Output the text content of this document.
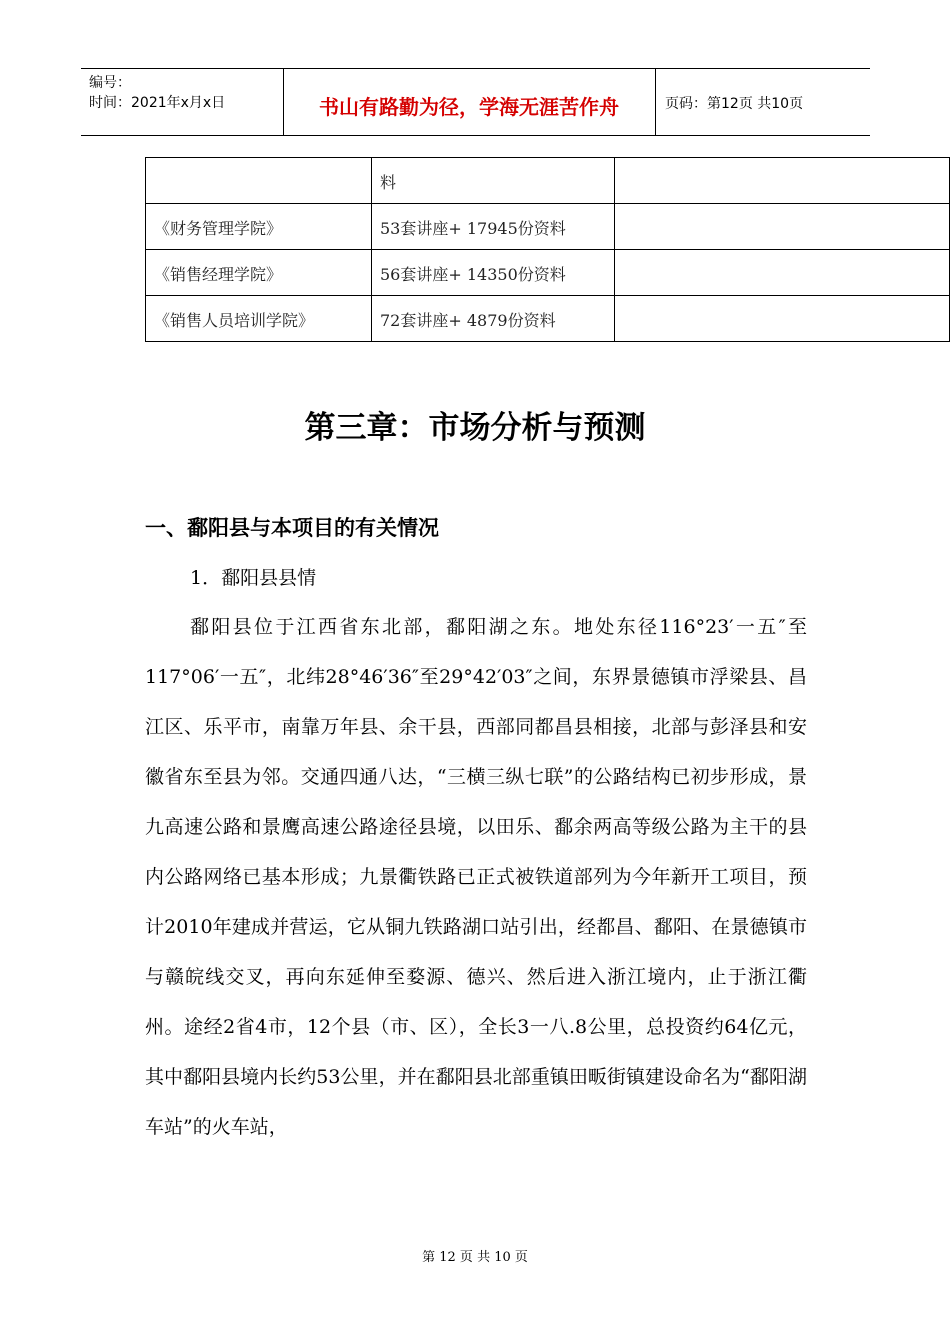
编号：
时间：2021年x月x日	书山有路勤为径，学海无涯苦作舟	页码：第12页 共10页
	料	
《财务管理学院》	53套讲座+ 17945份资料	
《销售经理学院》	56套讲座+ 14350份资料	
《销售人员培训学院》	72套讲座+ 4879份资料	
第三章：市场分析与预测
一、鄱阳县与本项目的有关情况
1．鄱阳县县情
鄱阳县位于江西省东北部，鄱阳湖之东。地处东径116°23′一五″至117°06′一五″，北纬28°46′36″至29°42′03″之间，东界景德镇市浮梁县、昌江区、乐平市，南靠万年县、余干县，西部同都昌县相接，北部与彭泽县和安徽省东至县为邻。交通四通八达，“三横三纵七联”的公路结构已初步形成，景九高速公路和景鹰高速公路途径县境，以田乐、鄱余两高等级公路为主干的县内公路网络已基本形成；九景衢铁路已正式被铁道部列为今年新开工项目，预计2010年建成并营运，它从铜九铁路湖口站引出，经都昌、鄱阳、在景德镇市与赣皖线交叉，再向东延伸至婺源、德兴、然后进入浙江境内，止于浙江衢州。途经2省4市，12个县（市、区），全长3一八.8公里，总投资约64亿元，其中鄱阳县境内长约53公里，并在鄱阳县北部重镇田畈街镇建设命名为“鄱阳湖车站”的火车站，
第 12 页 共 10 页
